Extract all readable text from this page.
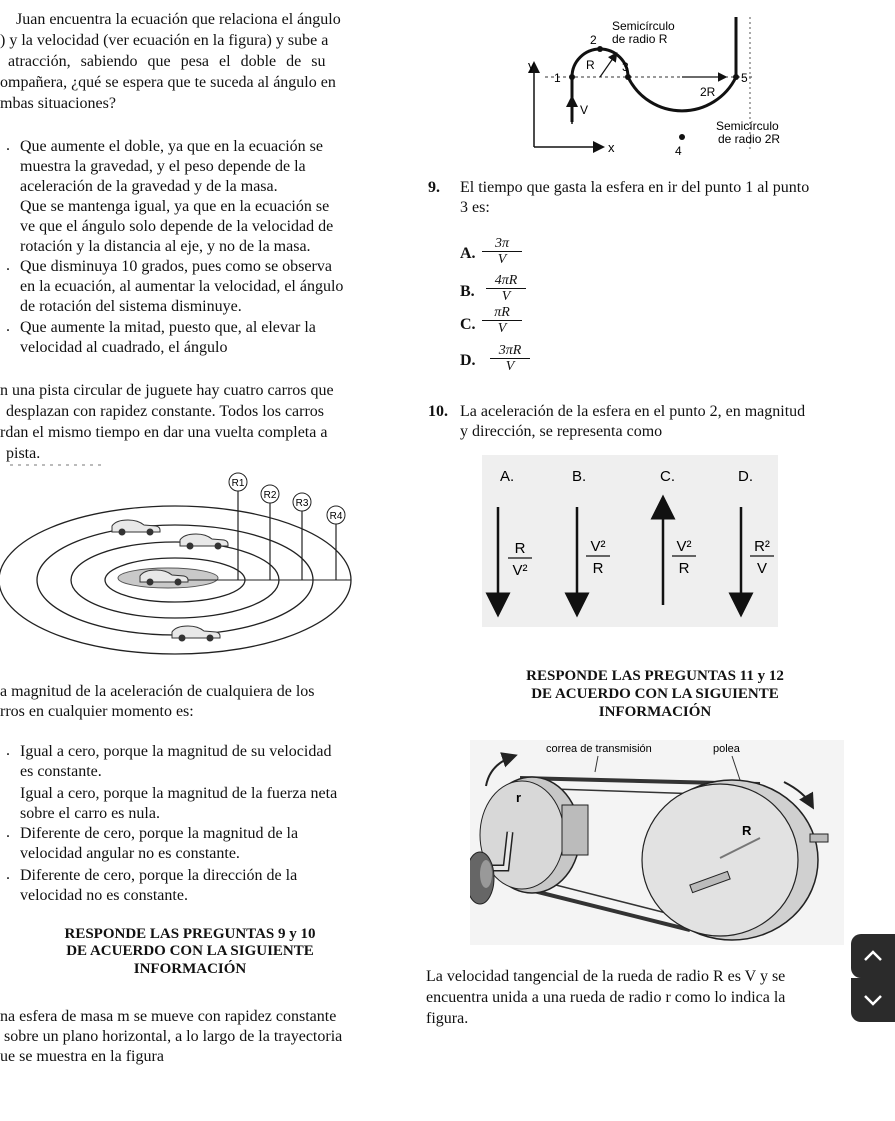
Juan encuentra la ecuación que relaciona el ángulo
) y la velocidad (ver ecuación en la figura) y sube a
atracción, sabiendo que pesa el doble de su
ompañera, ¿qué se espera que te suceda al ángulo en
mbas situaciones?
. Que aumente el doble, ya que en la ecuación se
muestra la gravedad, y el peso depende de la
aceleración de la gravedad y de la masa.
Que se mantenga igual, ya que en la ecuación se
ve que el ángulo solo depende de la velocidad de
rotación y la distancia al eje, y no de la masa.
. Que disminuya 10 grados, pues como se observa
en la ecuación, al aumentar la velocidad, el ángulo
de rotación del sistema disminuye.
. Que aumente la mitad, puesto que, al elevar la
velocidad al cuadrado, el ángulo
n una pista circular de juguete hay cuatro carros que
desplazan con rapidez constante. Todos los carros
rdan el mismo tiempo en dar una vuelta completa a
pista.
R1
R2
R3
R4
a magnitud de la aceleración de cualquiera de los
rros en cualquier momento es:
. Igual a cero, porque la magnitud de su velocidad
es constante.
Igual a cero, porque la magnitud de la fuerza neta
sobre el carro es nula.
. Diferente de cero, porque la magnitud de la
velocidad angular no es constante.
. Diferente de cero, porque la dirección de la
velocidad no es constante.
RESPONDE LAS PREGUNTAS 9 y 10
DE ACUERDO CON LA SIGUIENTE
INFORMACIÓN
na esfera de masa m se mueve con rapidez constante
sobre un plano horizontal, a lo largo de la trayectoria
ue se muestra en la figura
y
x
R
2R
V
1
2
3
4
5
Semicírculo
de radio R
Semicírculo
de radio 2R
9. El tiempo que gasta la esfera en ir del punto 1 al punto
3 es:
A. $\frac{3\pi}{V}$
B. $\frac{4\pi R}{V}$
C. $\frac{\pi R}{V}$
D. $\frac{3\pi R}{V}$
10. La aceleración de la esfera en el punto 2, en magnitud
y dirección, se representa como
A.	B.	C.	D.
R
V²
V²
R
V²
R
R²
V
RESPONDE LAS PREGUNTAS 11 y 12
DE ACUERDO CON LA SIGUIENTE
INFORMACIÓN
correa de transmisión	polea
r
R
La velocidad tangencial de la rueda de radio R es V y se
encuentra unida a una rueda de radio r como lo indica la
figura.
